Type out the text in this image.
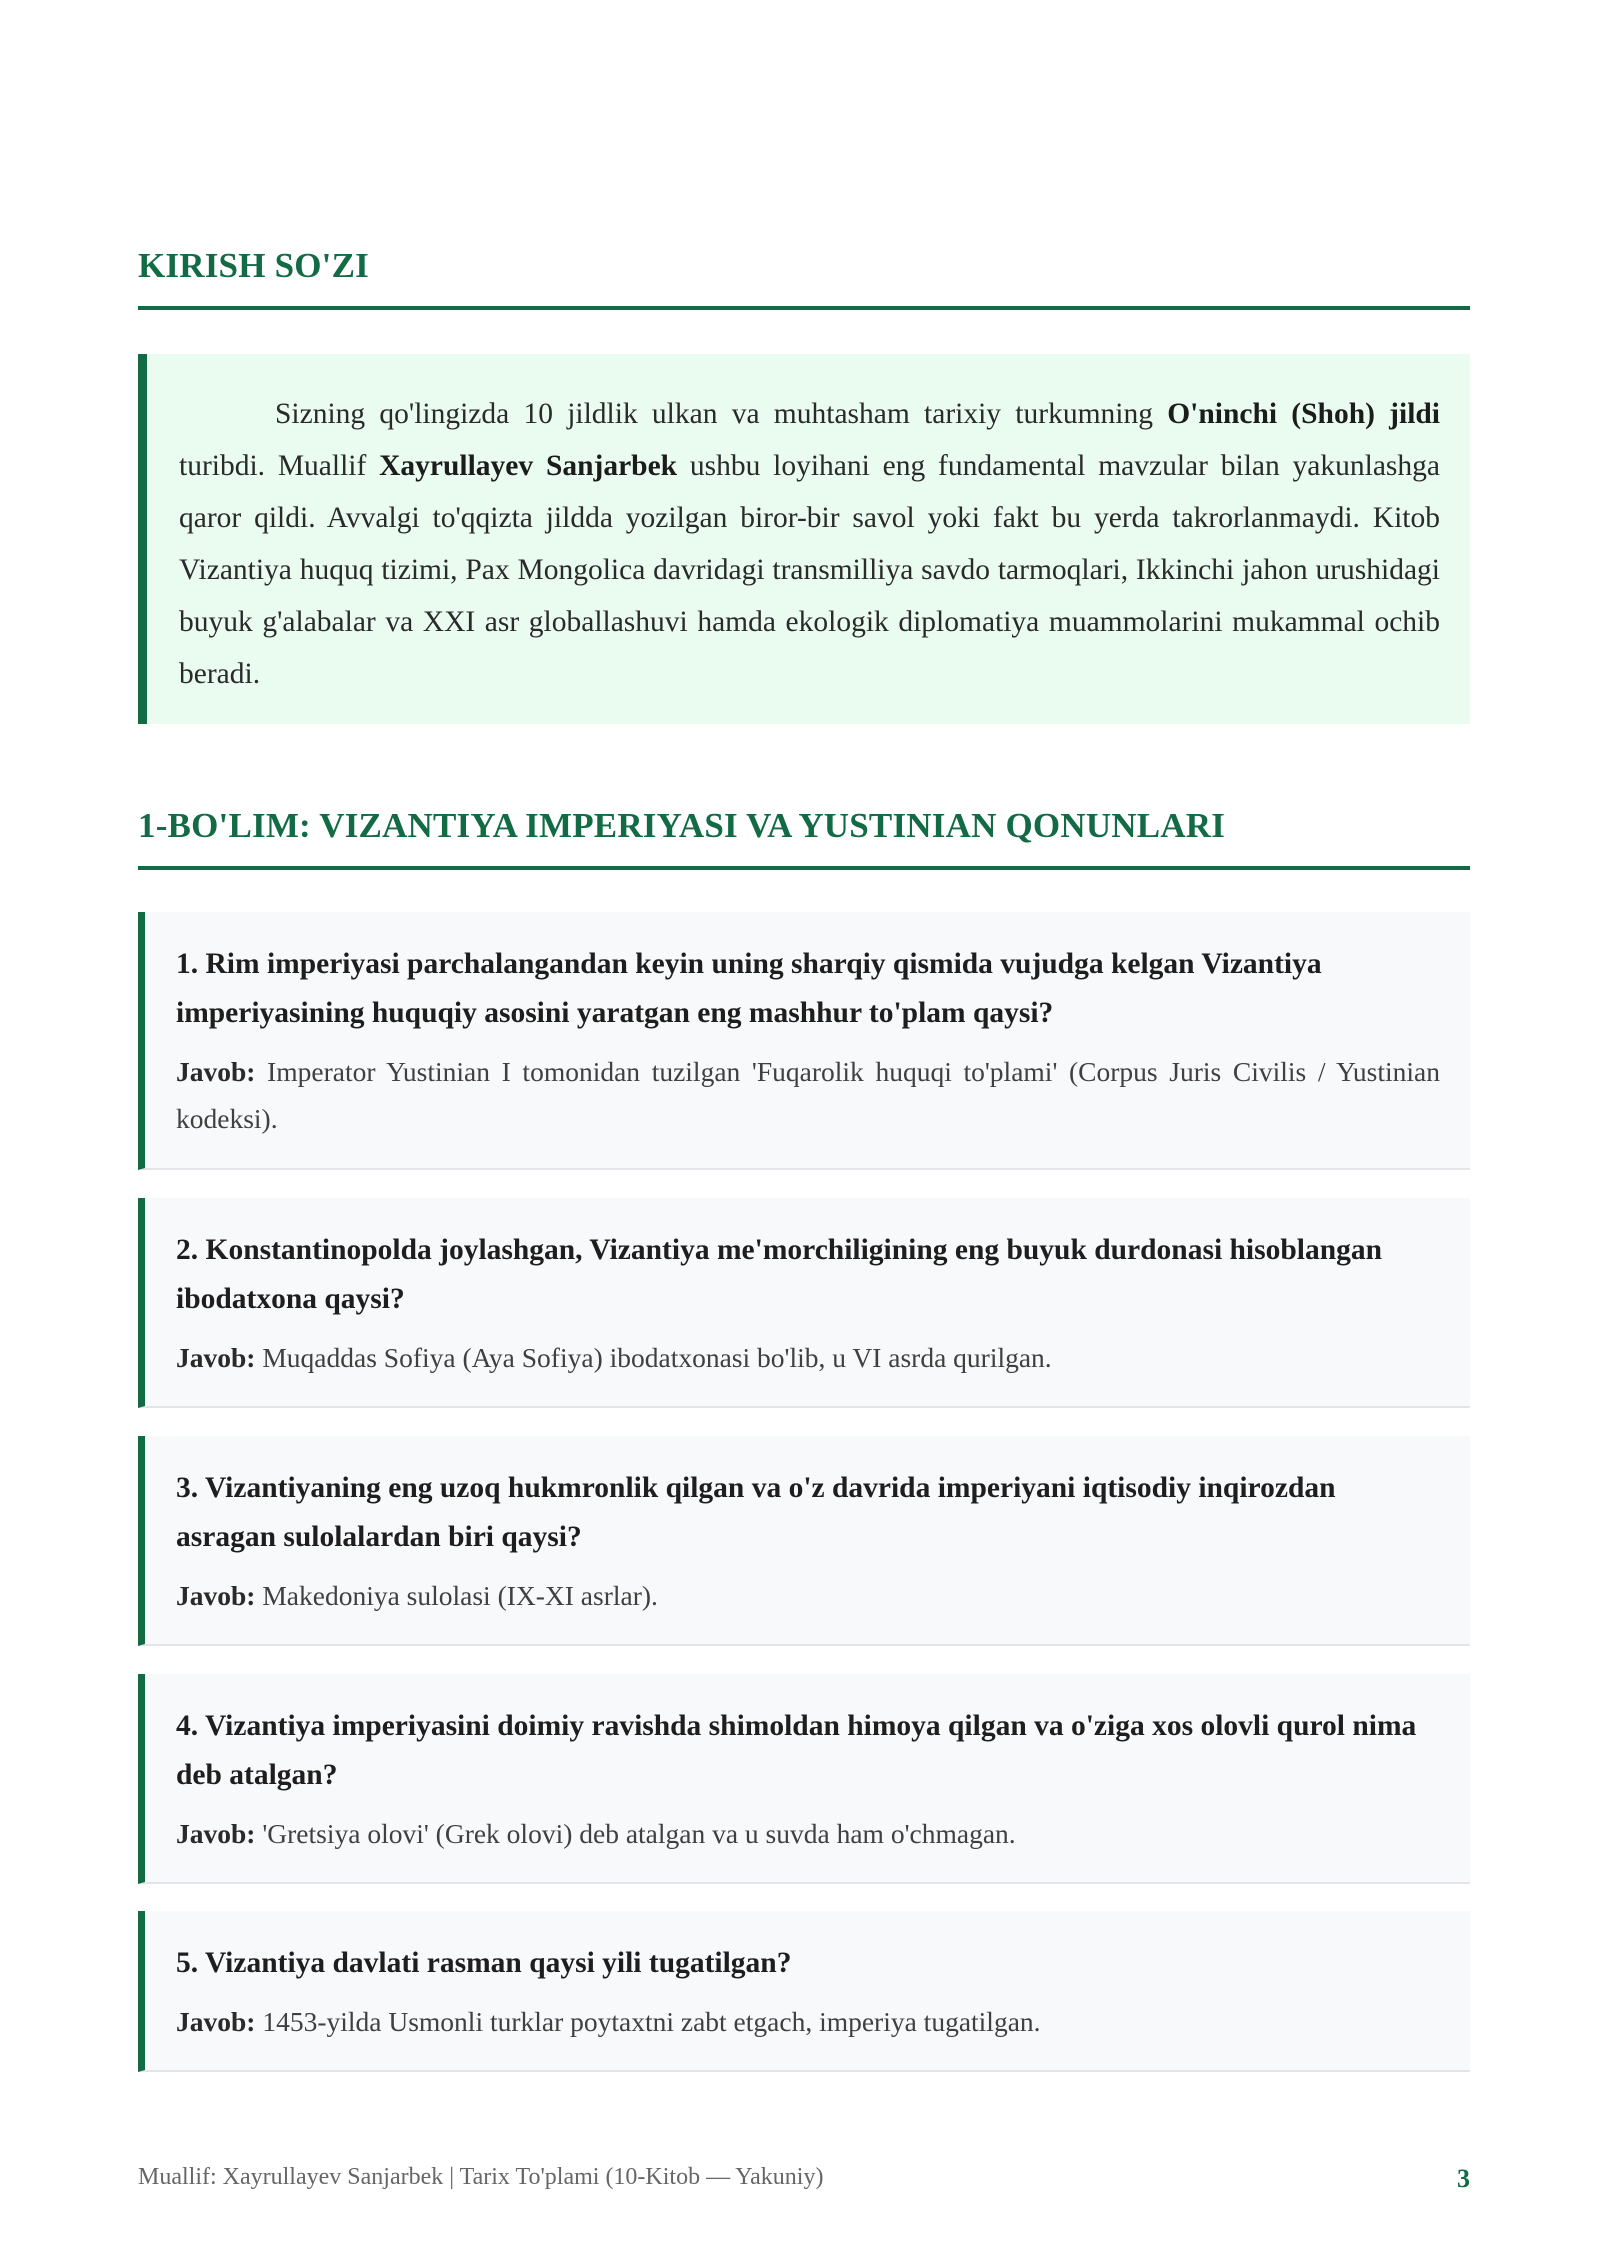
KIRISH SO'ZI
Sizning qo'lingizda 10 jildlik ulkan va muhtasham tarixiy turkumning O'ninchi (Shoh) jildi turibdi. Muallif Xayrullayev Sanjarbek ushbu loyihani eng fundamental mavzular bilan yakunlashga qaror qildi. Avvalgi to'qqizta jildda yozilgan biror-bir savol yoki fakt bu yerda takrorlanmaydi. Kitob Vizantiya huquq tizimi, Pax Mongolica davridagi transmilliya savdo tarmoqlari, Ikkinchi jahon urushidagi buyuk g'alabalar va XXI asr globallashuvi hamda ekologik diplomatiya muammolarini mukammal ochib beradi.
1-BO'LIM: VIZANTIYA IMPERIYASI VA YUSTINIAN QONUNLARI

1. Rim imperiyasi parchalangandan keyin uning sharqiy qismida vujudga kelgan Vizantiya imperiyasining huquqiy asosini yaratgan eng mashhur to'plam qaysi?

Javob: Imperator Yustinian I tomonidan tuzilgan 'Fuqarolik huquqi to'plami' (Corpus Juris Civilis / Yustinian kodeksi).

2. Konstantinopolda joylashgan, Vizantiya me'morchiligining eng buyuk durdonasi hisoblangan ibodatxona qaysi?

Javob: Muqaddas Sofiya (Aya Sofiya) ibodatxonasi bo'lib, u VI asrda qurilgan.

3. Vizantiyaning eng uzoq hukmronlik qilgan va o'z davrida imperiyani iqtisodiy inqirozdan asragan sulolalardan biri qaysi?

Javob: Makedoniya sulolasi (IX-XI asrlar).

4. Vizantiya imperiyasini doimiy ravishda shimoldan himoya qilgan va o'ziga xos olovli qurol nima deb atalgan?

Javob: 'Gretsiya olovi' (Grek olovi) deb atalgan va u suvda ham o'chmagan.

5. Vizantiya davlati rasman qaysi yili tugatilgan?

Javob: 1453-yilda Usmonli turklar poytaxtni zabt etgach, imperiya tugatilgan.

Muallif: Xayrullayev Sanjarbek | Tarix To'plami (10-Kitob — Yakuniy)	3
